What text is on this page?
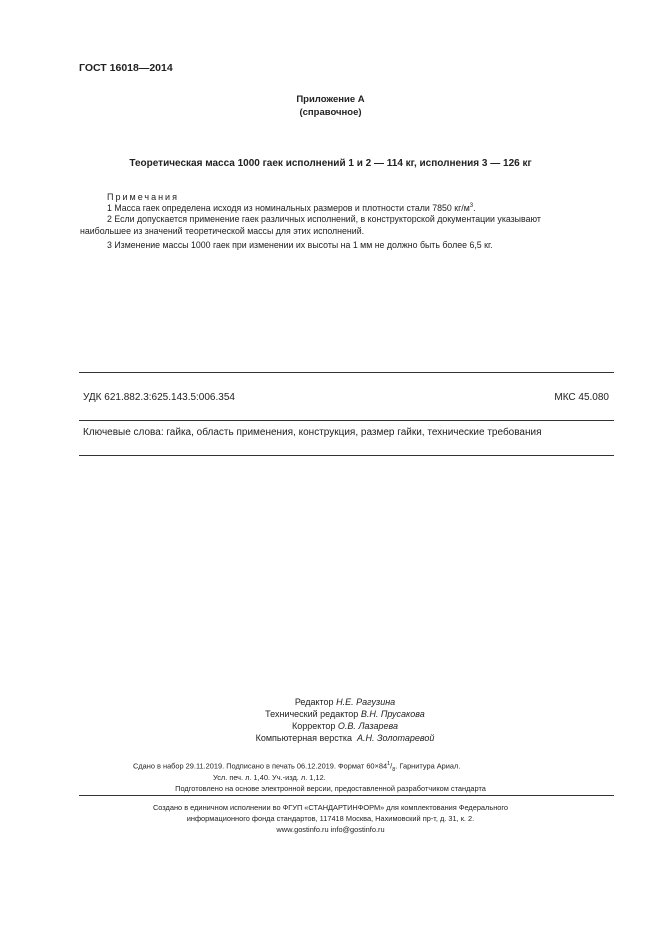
ГОСТ 16018—2014
Приложение А
(справочное)
Теоретическая масса 1000 гаек исполнений 1 и 2 — 114 кг, исполнения 3 — 126 кг
Примечания
1 Масса гаек определена исходя из номинальных размеров и плотности стали 7850 $кг/м^3$.
2 Если допускается применение гаек различных исполнений, в конструкторской документации указывают
наибольшее из значений теоретической массы для этих исполнений.
3 Изменение массы 1000 гаек при изменении их высоты на 1 мм не должно быть более 6,5 кг.
УДК 621.882.3:625.143.5:006.354	МКС 45.080
Ключевые слова: гайка, область применения, конструкция, размер гайки, технические требования
Редактор Н.Е. Рагузина
Технический редактор В.Н. Прусакова
Корректор О.В. Лазарева
Компьютерная верстка А.Н. Золотаревой
Сдано в набор 29.11.2019. Подписано в печать 06.12.2019. Формат $60\times 84^1/_8$. Гарнитура Ариал.
Усл. печ. л. 1,40. Уч.-изд. л. 1,12.
Подготовлено на основе электронной версии, предоставленной разработчиком стандарта
Создано в единичном исполнении во ФГУП «СТАНДАРТИНФОРМ» для комплектования Федерального
информационного фонда стандартов, 117418 Москва, Нахимовский пр-т, д. 31, к. 2.
www.gostinfo.ru info@gostinfo.ru
